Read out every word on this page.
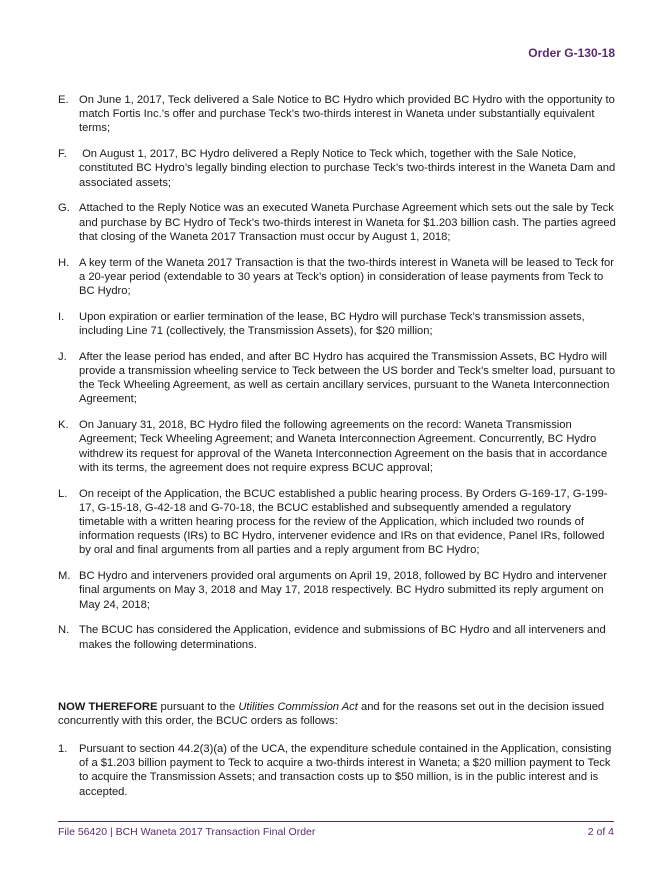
Order G-130-18
E. On June 1, 2017, Teck delivered a Sale Notice to BC Hydro which provided BC Hydro with the opportunity to match Fortis Inc.’s offer and purchase Teck’s two-thirds interest in Waneta under substantially equivalent terms;
F.	On August 1, 2017, BC Hydro delivered a Reply Notice to Teck which, together with the Sale Notice, constituted BC Hydro’s legally binding election to purchase Teck’s two-thirds interest in the Waneta Dam and associated assets;
G. Attached to the Reply Notice was an executed Waneta Purchase Agreement which sets out the sale by Teck and purchase by BC Hydro of Teck’s two-thirds interest in Waneta for $1.203 billion cash. The parties agreed that closing of the Waneta 2017 Transaction must occur by August 1, 2018;
H. A key term of the Waneta 2017 Transaction is that the two-thirds interest in Waneta will be leased to Teck for a 20-year period (extendable to 30 years at Teck’s option) in consideration of lease payments from Teck to BC Hydro;
I.	Upon expiration or earlier termination of the lease, BC Hydro will purchase Teck’s transmission assets, including Line 71 (collectively, the Transmission Assets), for $20 million;
J.	After the lease period has ended, and after BC Hydro has acquired the Transmission Assets, BC Hydro will provide a transmission wheeling service to Teck between the US border and Teck’s smelter load, pursuant to the Teck Wheeling Agreement, as well as certain ancillary services, pursuant to the Waneta Interconnection Agreement;
K. On January 31, 2018, BC Hydro filed the following agreements on the record: Waneta Transmission Agreement; Teck Wheeling Agreement; and Waneta Interconnection Agreement. Concurrently, BC Hydro withdrew its request for approval of the Waneta Interconnection Agreement on the basis that in accordance with its terms, the agreement does not require express BCUC approval;
L.	On receipt of the Application, the BCUC established a public hearing process. By Orders G-169-17, G-199-17, G-15-18, G-42-18 and G-70-18, the BCUC established and subsequently amended a regulatory timetable with a written hearing process for the review of the Application, which included two rounds of information requests (IRs) to BC Hydro, intervener evidence and IRs on that evidence, Panel IRs, followed by oral and final arguments from all parties and a reply argument from BC Hydro;
M. BC Hydro and interveners provided oral arguments on April 19, 2018, followed by BC Hydro and intervener final arguments on May 3, 2018 and May 17, 2018 respectively. BC Hydro submitted its reply argument on May 24, 2018;
N. The BCUC has considered the Application, evidence and submissions of BC Hydro and all interveners and makes the following determinations.
NOW THEREFORE pursuant to the Utilities Commission Act and for the reasons set out in the decision issued concurrently with this order, the BCUC orders as follows:
1.	Pursuant to section 44.2(3)(a) of the UCA, the expenditure schedule contained in the Application, consisting of a $1.203 billion payment to Teck to acquire a two-thirds interest in Waneta; a $20 million payment to Teck to acquire the Transmission Assets; and transaction costs up to $50 million, is in the public interest and is accepted.
File 56420 | BCH Waneta 2017 Transaction Final Order	2 of 4
